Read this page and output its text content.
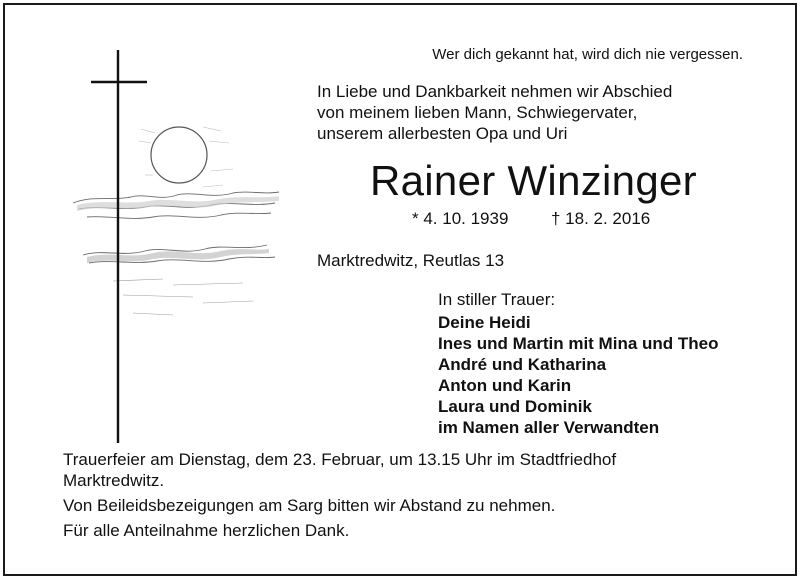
Wer dich gekannt hat, wird dich nie vergessen.
In Liebe und Dankbarkeit nehmen wir Abschied
von meinem lieben Mann, Schwiegervater,
unserem allerbesten Opa und Uri
Rainer Winzinger
* 4. 10. 1939	† 18. 2. 2016
Marktredwitz, Reutlas 13
In stiller Trauer:
Deine Heidi
Ines und Martin mit Mina und Theo
André und Katharina
Anton und Karin
Laura und Dominik
im Namen aller Verwandten
Trauerfeier am Dienstag, dem 23. Februar, um 13.15 Uhr im Stadtfriedhof
Marktredwitz.
Von Beileidsbezeigungen am Sarg bitten wir Abstand zu nehmen.
Für alle Anteilnahme herzlichen Dank.
